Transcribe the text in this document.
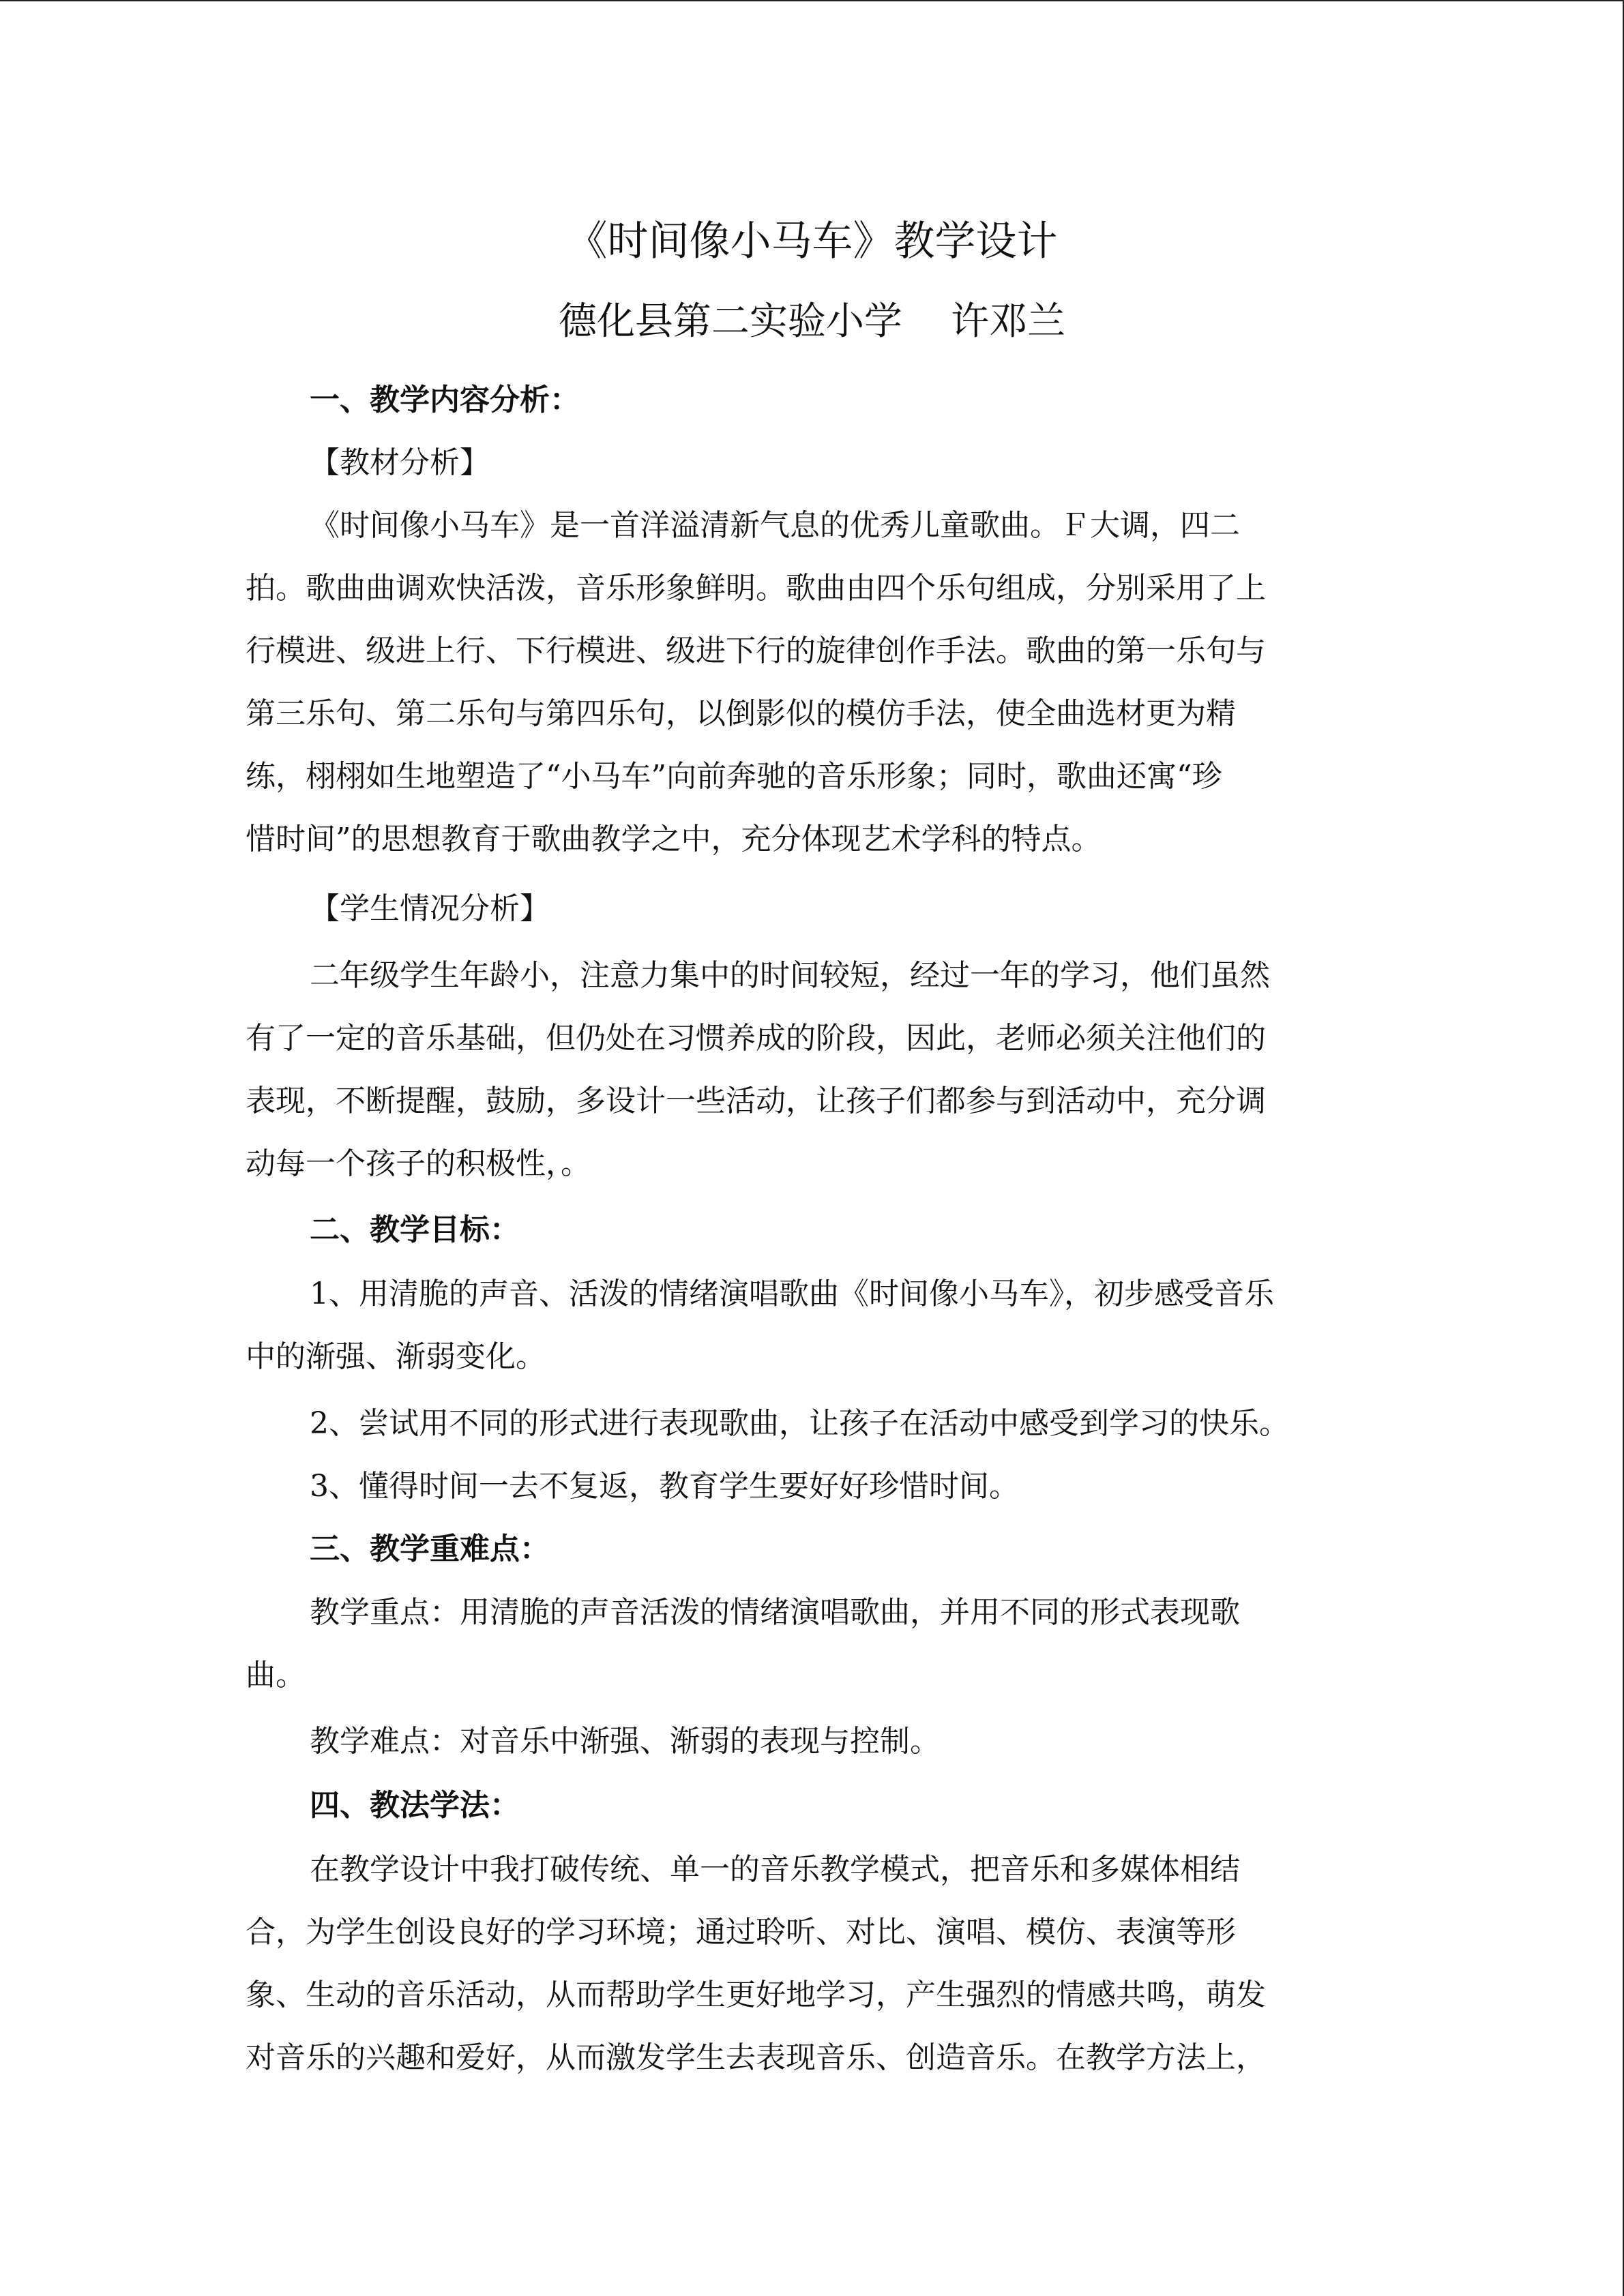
《时间像小马车》教学设计
德化县第二实验小学    许邓兰
一、教学内容分析：
【教材分析】
《时间像小马车》是一首洋溢清新气息的优秀儿童歌曲。Ｆ大调，四二
拍。歌曲曲调欢快活泼，音乐形象鲜明。歌曲由四个乐句组成，分别采用了上
行模进、级进上行、下行模进、级进下行的旋律创作手法。歌曲的第一乐句与
第三乐句、第二乐句与第四乐句，以倒影似的模仿手法，使全曲选材更为精
练，栩栩如生地塑造了“小马车”向前奔驰的音乐形象；同时，歌曲还寓“珍
惜时间”的思想教育于歌曲教学之中，充分体现艺术学科的特点。
【学生情况分析】
二年级学生年龄小，注意力集中的时间较短，经过一年的学习，他们虽然
有了一定的音乐基础，但仍处在习惯养成的阶段，因此，老师必须关注他们的
表现，不断提醒，鼓励，多设计一些活动，让孩子们都参与到活动中，充分调
动每一个孩子的积极性，。
二、教学目标：
1、用清脆的声音、活泼的情绪演唱歌曲《时间像小马车》，初步感受音乐
中的渐强、渐弱变化。
2、尝试用不同的形式进行表现歌曲，让孩子在活动中感受到学习的快乐。
3、懂得时间一去不复返，教育学生要好好珍惜时间。
三、教学重难点：
教学重点：用清脆的声音活泼的情绪演唱歌曲，并用不同的形式表现歌
曲。
教学难点：对音乐中渐强、渐弱的表现与控制。
四、教法学法：
在教学设计中我打破传统、单一的音乐教学模式，把音乐和多媒体相结
合，为学生创设良好的学习环境；通过聆听、对比、演唱、模仿、表演等形
象、生动的音乐活动，从而帮助学生更好地学习，产生强烈的情感共鸣，萌发
对音乐的兴趣和爱好，从而激发学生去表现音乐、创造音乐。在教学方法上，
